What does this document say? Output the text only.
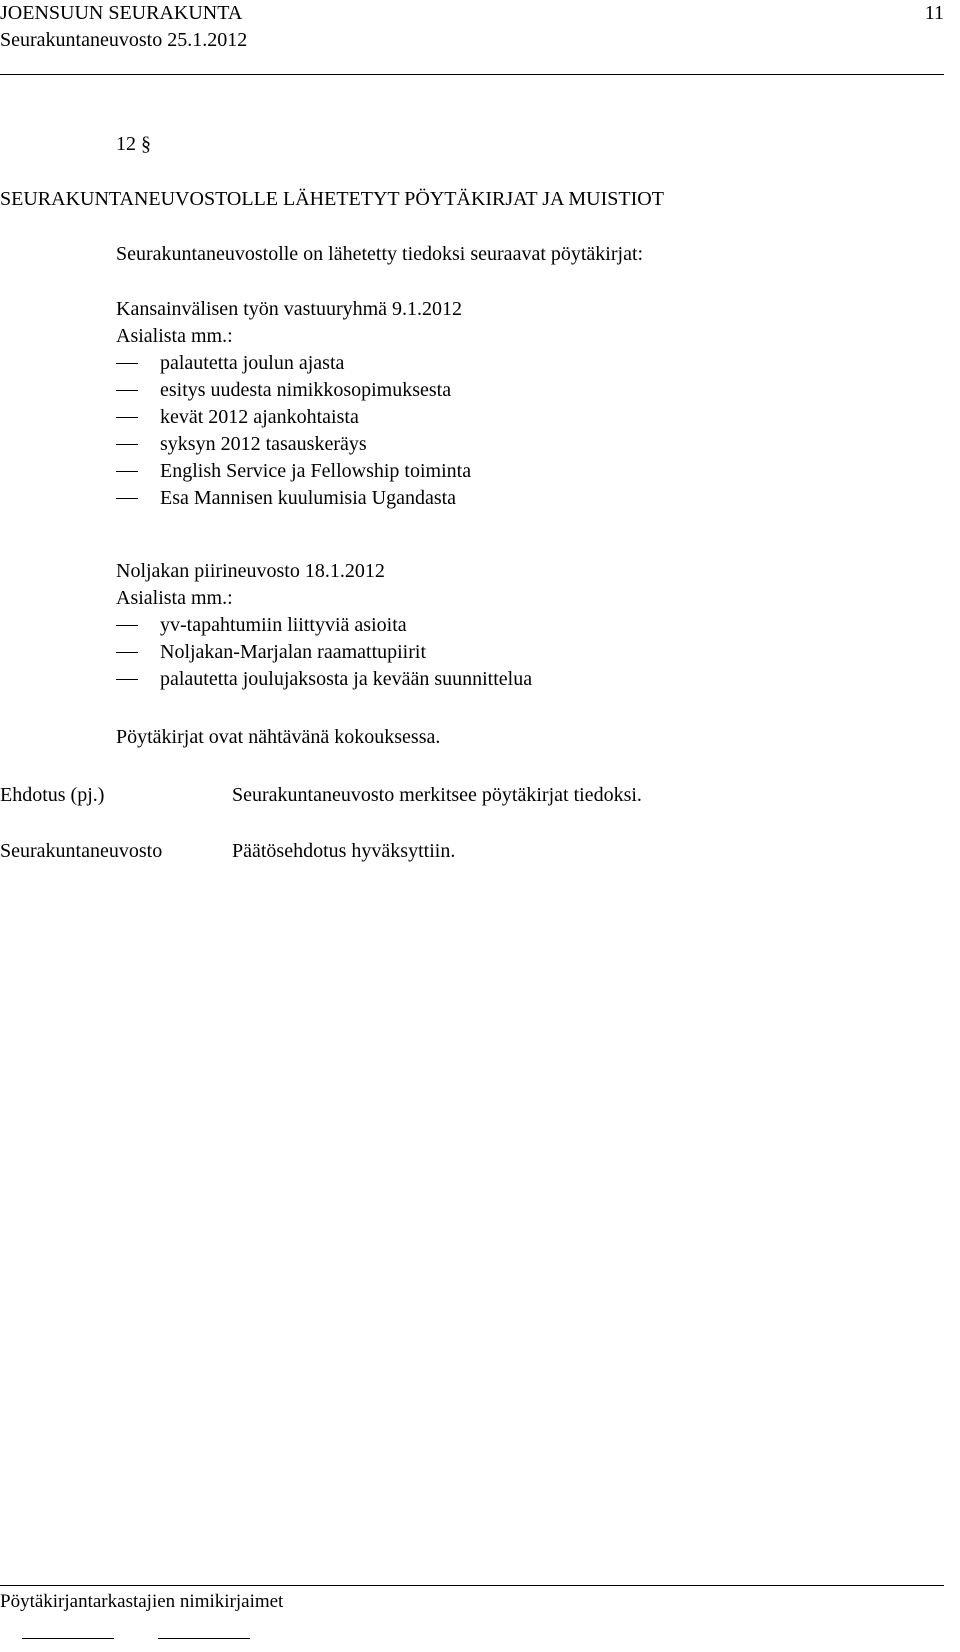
JOENSUUN SEURAKUNTA	11
Seurakuntaneuvosto 25.1.2012
12 §
SEURAKUNTANEUVOSTOLLE LÄHETETYT PÖYTÄKIRJAT JA MUISTIOT
Seurakuntaneuvostolle on lähetetty tiedoksi seuraavat pöytäkirjat:
Kansainvälisen työn vastuuryhmä 9.1.2012
Asialista mm.:
palautetta joulun ajasta
esitys uudesta nimikkosopimuksesta
kevät 2012 ajankohtaista
syksyn 2012 tasauskeräys
English Service ja Fellowship toiminta
Esa Mannisen kuulumisia Ugandasta
Noljakan piirineuvosto 18.1.2012
Asialista mm.:
yv-tapahtumiin liittyviä asioita
Noljakan-Marjalan raamattupiirit
palautetta joulujaksosta ja kevään suunnittelua
Pöytäkirjat ovat nähtävänä kokouksessa.
Ehdotus (pj.)	Seurakuntaneuvosto merkitsee pöytäkirjat tiedoksi.
Seurakuntaneuvosto	Päätösehdotus hyväksyttiin.
Pöytäkirjantarkastajien nimikirjaimet
